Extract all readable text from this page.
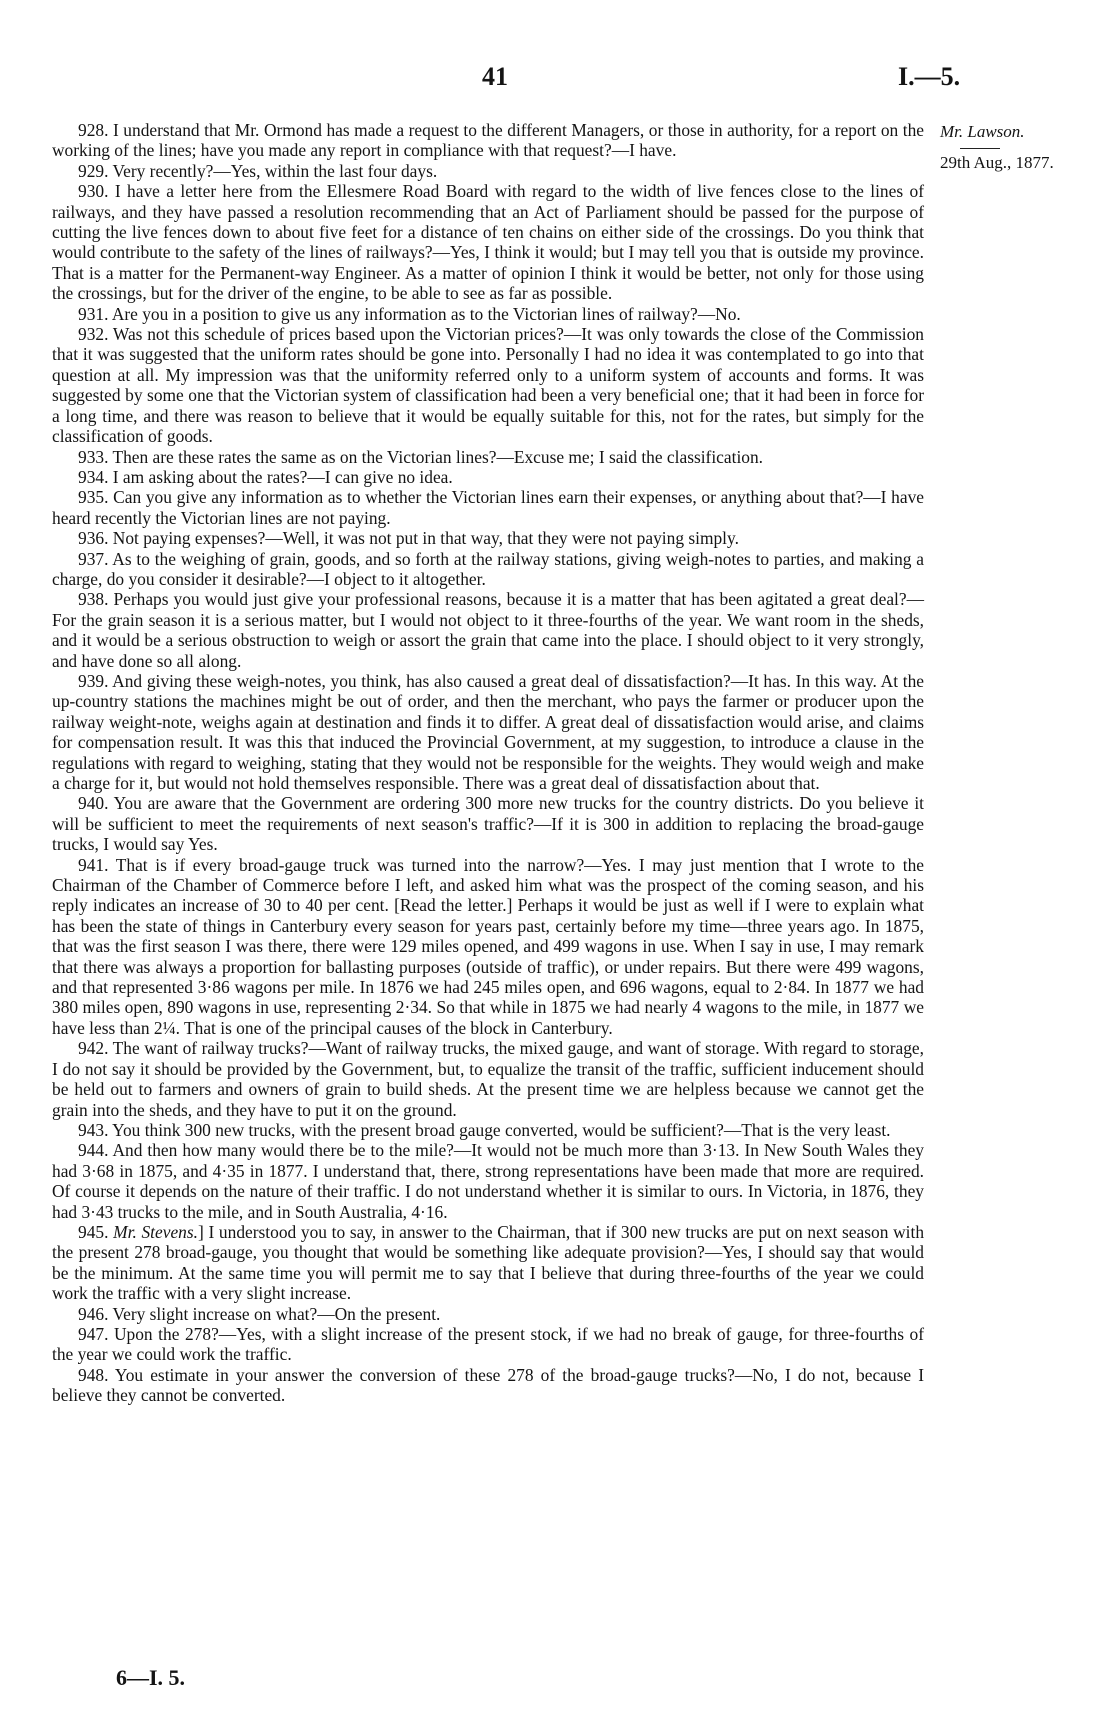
41	I.—5.
Mr. Lawson.
29th Aug., 1877.

928. I understand that Mr. Ormond has made a request to the different Managers, or those in authority, for a report on the working of the lines; have you made any report in compliance with that request?—I have.

929. Very recently?—Yes, within the last four days.

930. I have a letter here from the Ellesmere Road Board with regard to the width of live fences close to the lines of railways, and they have passed a resolution recommending that an Act of Parliament should be passed for the purpose of cutting the live fences down to about five feet for a distance of ten chains on either side of the crossings. Do you think that would contribute to the safety of the lines of railways?—Yes, I think it would; but I may tell you that is outside my province. That is a matter for the Permanent-way Engineer. As a matter of opinion I think it would be better, not only for those using the crossings, but for the driver of the engine, to be able to see as far as possible.

931. Are you in a position to give us any information as to the Victorian lines of railway?—No.

932. Was not this schedule of prices based upon the Victorian prices?—It was only towards the close of the Commission that it was suggested that the uniform rates should be gone into. Personally I had no idea it was contemplated to go into that question at all. My impression was that the uniformity referred only to a uniform system of accounts and forms. It was suggested by some one that the Victorian system of classification had been a very beneficial one; that it had been in force for a long time, and there was reason to believe that it would be equally suitable for this, not for the rates, but simply for the classification of goods.

933. Then are these rates the same as on the Victorian lines?—Excuse me; I said the classification.

934. I am asking about the rates?—I can give no idea.

935. Can you give any information as to whether the Victorian lines earn their expenses, or anything about that?—I have heard recently the Victorian lines are not paying.

936. Not paying expenses?—Well, it was not put in that way, that they were not paying simply.

937. As to the weighing of grain, goods, and so forth at the railway stations, giving weigh-notes to parties, and making a charge, do you consider it desirable?—I object to it altogether.

938. Perhaps you would just give your professional reasons, because it is a matter that has been agitated a great deal?—For the grain season it is a serious matter, but I would not object to it three-fourths of the year. We want room in the sheds, and it would be a serious obstruction to weigh or assort the grain that came into the place. I should object to it very strongly, and have done so all along.

939. And giving these weigh-notes, you think, has also caused a great deal of dissatisfaction?—It has. In this way. At the up-country stations the machines might be out of order, and then the merchant, who pays the farmer or producer upon the railway weight-note, weighs again at destination and finds it to differ. A great deal of dissatisfaction would arise, and claims for compensation result. It was this that induced the Provincial Government, at my suggestion, to introduce a clause in the regulations with regard to weighing, stating that they would not be responsible for the weights. They would weigh and make a charge for it, but would not hold themselves responsible. There was a great deal of dissatisfaction about that.

940. You are aware that the Government are ordering 300 more new trucks for the country districts. Do you believe it will be sufficient to meet the requirements of next season's traffic?—If it is 300 in addition to replacing the broad-gauge trucks, I would say Yes.

941. That is if every broad-gauge truck was turned into the narrow?—Yes. I may just mention that I wrote to the Chairman of the Chamber of Commerce before I left, and asked him what was the prospect of the coming season, and his reply indicates an increase of 30 to 40 per cent. [Read the letter.] Perhaps it would be just as well if I were to explain what has been the state of things in Canterbury every season for years past, certainly before my time—three years ago. In 1875, that was the first season I was there, there were 129 miles opened, and 499 wagons in use. When I say in use, I may remark that there was always a proportion for ballasting purposes (outside of traffic), or under repairs. But there were 499 wagons, and that represented 3·86 wagons per mile. In 1876 we had 245 miles open, and 696 wagons, equal to 2·84. In 1877 we had 380 miles open, 890 wagons in use, representing 2·34. So that while in 1875 we had nearly 4 wagons to the mile, in 1877 we have less than 2¼. That is one of the principal causes of the block in Canterbury.

942. The want of railway trucks?—Want of railway trucks, the mixed gauge, and want of storage. With regard to storage, I do not say it should be provided by the Government, but, to equalize the transit of the traffic, sufficient inducement should be held out to farmers and owners of grain to build sheds. At the present time we are helpless because we cannot get the grain into the sheds, and they have to put it on the ground.

943. You think 300 new trucks, with the present broad gauge converted, would be sufficient?—That is the very least.

944. And then how many would there be to the mile?—It would not be much more than 3·13. In New South Wales they had 3·68 in 1875, and 4·35 in 1877. I understand that, there, strong representations have been made that more are required. Of course it depends on the nature of their traffic. I do not understand whether it is similar to ours. In Victoria, in 1876, they had 3·43 trucks to the mile, and in South Australia, 4·16.

945. Mr. Stevens.] I understood you to say, in answer to the Chairman, that if 300 new trucks are put on next season with the present 278 broad-gauge, you thought that would be something like adequate provision?—Yes, I should say that would be the minimum. At the same time you will permit me to say that I believe that during three-fourths of the year we could work the traffic with a very slight increase.

946. Very slight increase on what?—On the present.

947. Upon the 278?—Yes, with a slight increase of the present stock, if we had no break of gauge, for three-fourths of the year we could work the traffic.

948. You estimate in your answer the conversion of these 278 of the broad-gauge trucks?—No, I do not, because I believe they cannot be converted.

6—I. 5.
